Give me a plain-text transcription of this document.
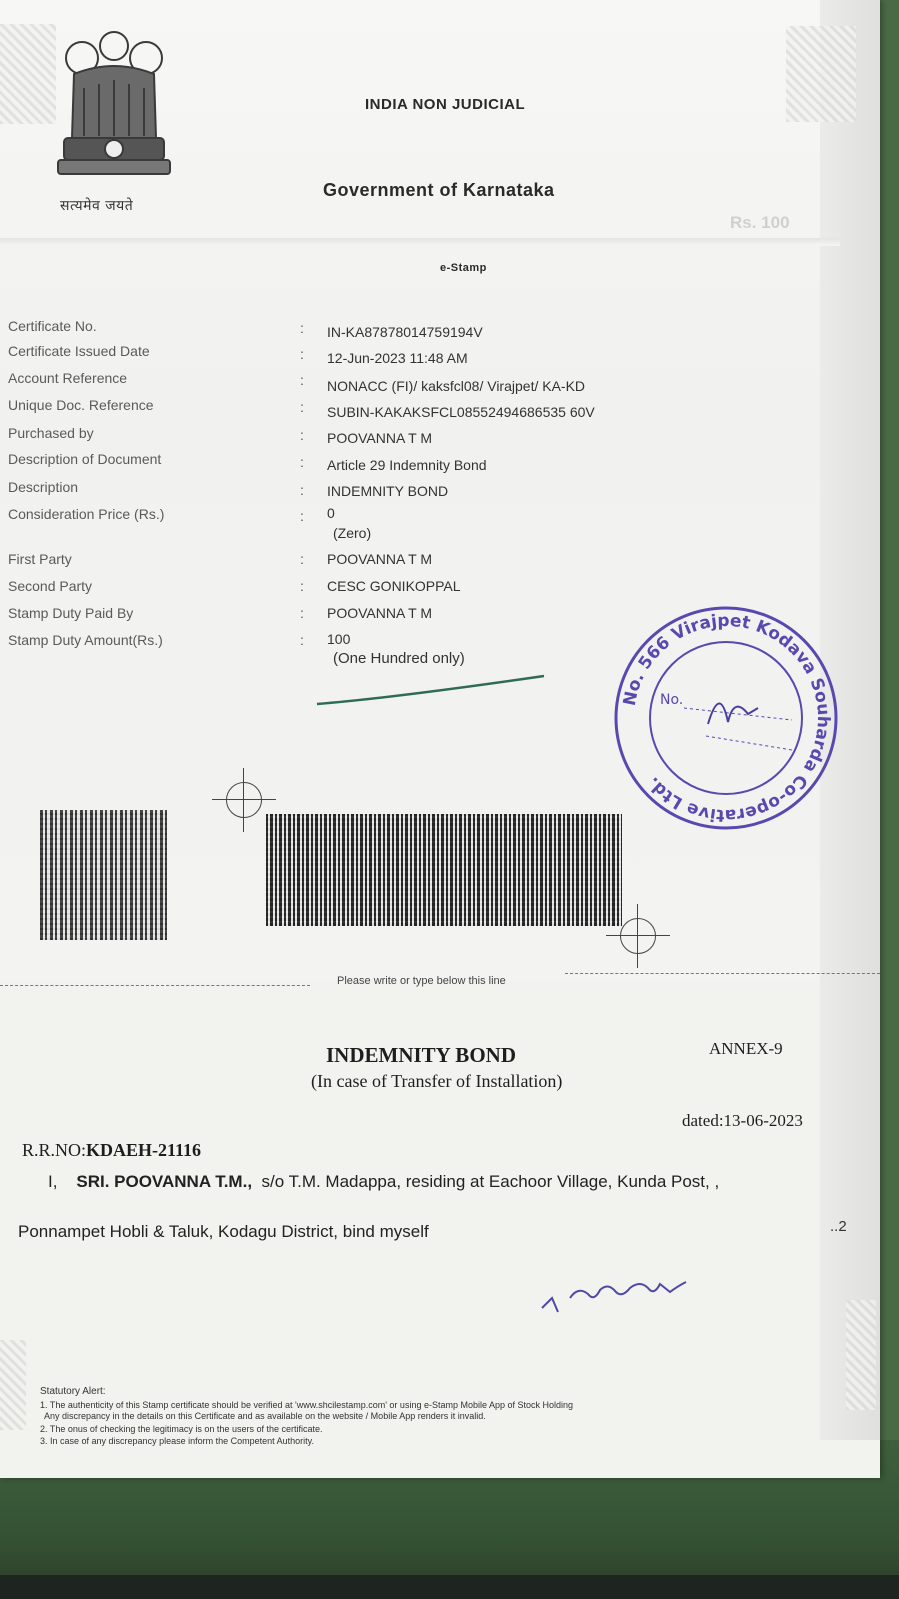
सत्यमेव जयते
INDIA NON JUDICIAL
Government of Karnataka
Rs. 100
e-Stamp
Certificate No.	: IN-KA87878014759194V
Certificate Issued Date	: 12-Jun-2023 11:48 AM
Account Reference	: NONACC (FI)/ kaksfcl08/ Virajpet/ KA-KD
Unique Doc. Reference	: SUBIN-KAKAKSFCL08552494686535 60V
Purchased by	: POOVANNA T M
Description of Document	: Article 29 Indemnity Bond
Description	: INDEMNITY BOND
Consideration Price (Rs.)	: 0
(Zero)
First Party	: POOVANNA T M
Second Party	: CESC GONIKOPPAL
Stamp Duty Paid By	: POOVANNA T M
Stamp Duty Amount(Rs.)	: 100
(One Hundred only)
No. 566 Virajpet Kodava Souharda Co-operative Ltd.
No.
Please write or type below this line
ANNEX-9
INDEMNITY BOND
(In case of Transfer of Installation)
dated:13-06-2023
R.R.NO:KDAEH-21116
I, SRI. POOVANNA T.M., s/o T.M. Madappa, residing at Eachoor Village, Kunda Post, ,
Ponnampet Hobli & Taluk, Kodagu District, bind myself	..2
Statutory Alert:
1. The authenticity of this Stamp certificate should be verified at 'www.shcilestamp.com' or using e-Stamp Mobile App of Stock Holding
Any discrepancy in the details on this Certificate and as available on the website / Mobile App renders it invalid.
2. The onus of checking the legitimacy is on the users of the certificate.
3. In case of any discrepancy please inform the Competent Authority.
